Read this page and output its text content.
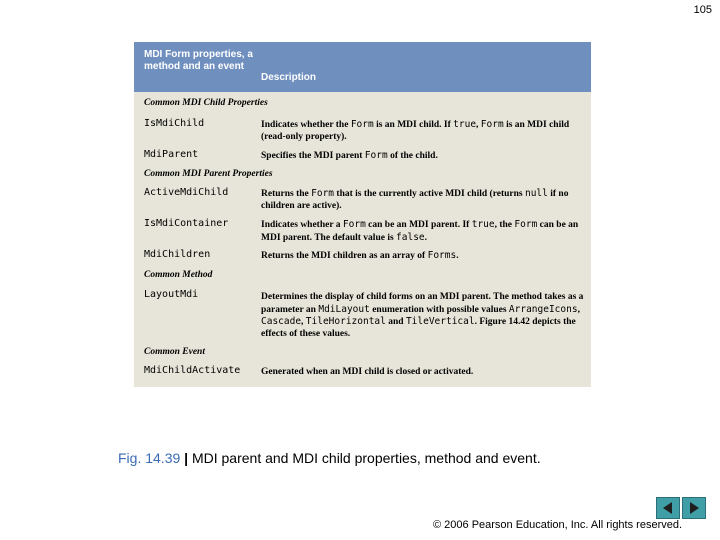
105
MDI Form properties, a method and an event
Description
Common MDI Child Properties
IsMdiChild	Indicates whether the Form is an MDI child. If true, Form is an MDI child (read-only property).
MdiParent	Specifies the MDI parent Form of the child.
Common MDI Parent Properties
ActiveMdiChild	Returns the Form that is the currently active MDI child (returns null if no children are active).
IsMdiContainer	Indicates whether a Form can be an MDI parent. If true, the Form can be an MDI parent. The default value is false.
MdiChildren	Returns the MDI children as an array of Forms.
Common Method
LayoutMdi	Determines the display of child forms on an MDI parent. The method takes as a parameter an MdiLayout enumeration with possible values ArrangeIcons, Cascade, TileHorizontal and TileVertical. Figure 14.42 depicts the effects of these values.
Common Event
MdiChildActivate Generated when an MDI child is closed or activated.
Fig. 14.39 | MDI parent and MDI child properties, method and event.
© 2006 Pearson Education, Inc. All rights reserved.
